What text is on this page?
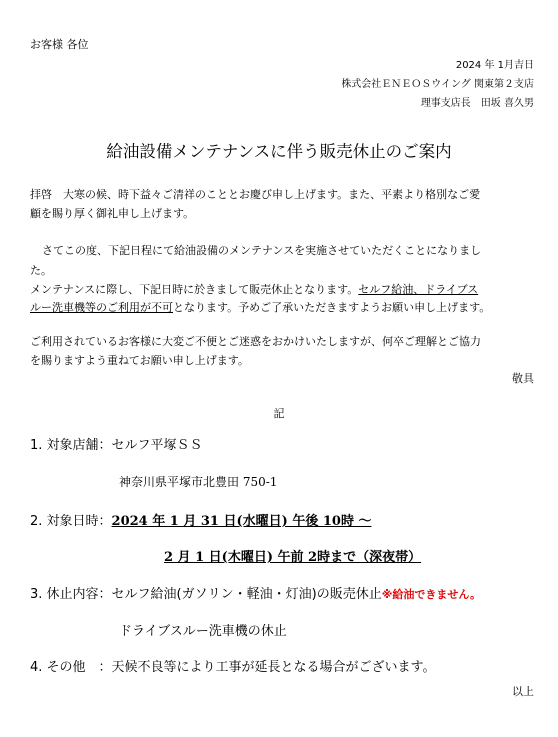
お客様 各位
2024 年 1月吉日
株式会社ＥＮＥＯＳウイング 関東第２支店
理事支店長　田坂 喜久男
給油設備メンテナンスに伴う販売休止のご案内
拝啓　大寒の候、時下益々ご清祥のこととお慶び申し上げます。また、平素より格別なご愛
顧を賜り厚く御礼申し上げます。
さてこの度、下記日程にて給油設備のメンテナンスを実施させていただくことになりまし
た。
メンテナンスに際し、下記日時に於きまして販売休止となります。セルフ給油、ドライブス
ルー洗車機等のご利用が不可となります。予めご了承いただきますようお願い申し上げます。
ご利用されているお客様に大変ご不便とご迷惑をおかけいたしますが、何卒ご理解とご協力
を賜りますよう重ねてお願い申し上げます。
敬具
記
1. 対象店舗：セルフ平塚ＳＳ
神奈川県平塚市北豊田 750-1
2. 対象日時：2024 年 1 月 31 日(水曜日) 午後 10時 ～
2 月 1 日(木曜日) 午前 2時まで（深夜帯）
3. 休止内容：セルフ給油(ガソリン・軽油・灯油)の販売休止※給油できません。
ドライブスルー洗車機の休止
4. その他　：天候不良等により工事が延長となる場合がございます。
以上
